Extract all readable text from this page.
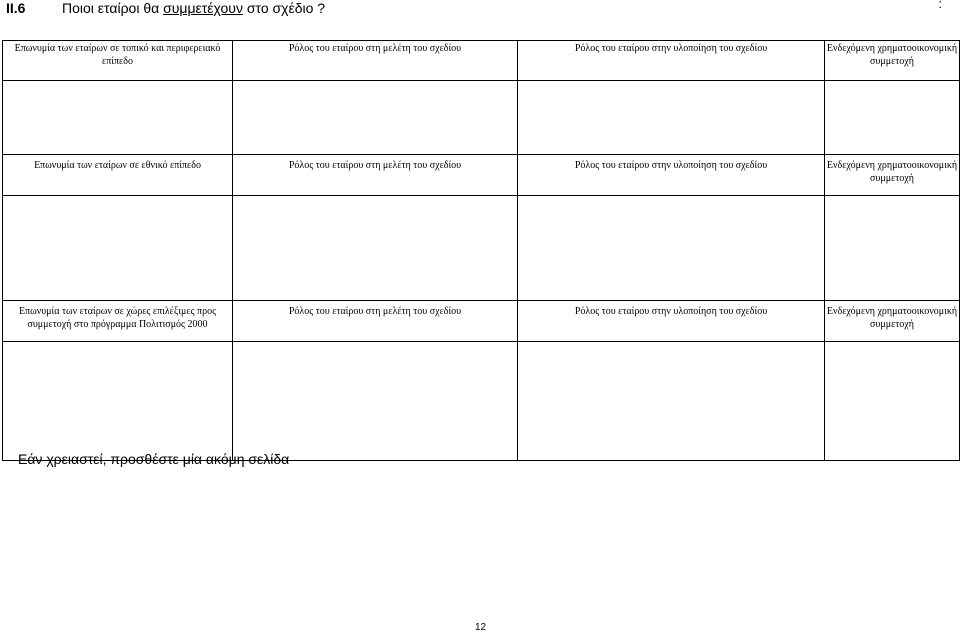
:
II.6	Ποιοι εταίροι θα συμμετέχουν στο σχέδιο ?
Επωνυμία των εταίρων σε τοπικό και περιφερειακό επίπεδο	Ρόλος του εταίρου στη μελέτη του σχεδίου	Ρόλος του εταίρου στην υλοποίηση του σχεδίου	Ενδεχόμενη χρηματοοικονομική συμμετοχή

Επωνυμία των εταίρων σε εθνικό επίπεδο	Ρόλος του εταίρου στη μελέτη του σχεδίου	Ρόλος του εταίρου στην υλοποίηση του σχεδίου	Ενδεχόμενη χρηματοοικονομική συμμετοχή

Επωνυμία των εταίρων σε χώρες επιλέξιμες προς συμμετοχή στο πρόγραμμα Πολιτισμός 2000	Ρόλος του εταίρου στη μελέτη του σχεδίου	Ρόλος του εταίρου στην υλοποίηση του σχεδίου	Ενδεχόμενη χρηματοοικονομική συμμετοχή

Εάν χρειαστεί, προσθέστε μία ακόμη σελίδα
12
